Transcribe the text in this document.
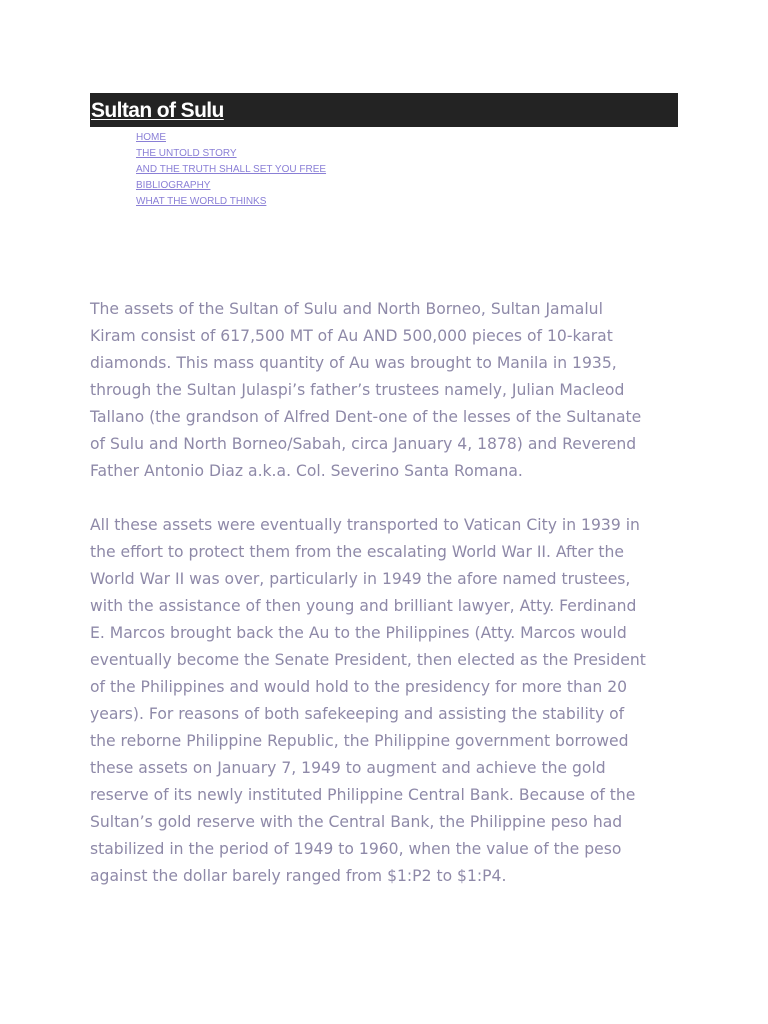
Sultan of Sulu
HOME
THE UNTOLD STORY
AND THE TRUTH SHALL SET YOU FREE
BIBLIOGRAPHY
WHAT THE WORLD THINKS

The assets of the Sultan of Sulu and North Borneo, Sultan Jamalul
Kiram consist of 617,500 MT of Au AND 500,000 pieces of 10-karat
diamonds. This mass quantity of Au was brought to Manila in 1935,
through the Sultan Julaspi’s father’s trustees namely, Julian Macleod
Tallano (the grandson of Alfred Dent-one of the lesses of the Sultanate
of Sulu and North Borneo/Sabah, circa January 4, 1878) and Reverend
Father Antonio Diaz a.k.a. Col. Severino Santa Romana.

All these assets were eventually transported to Vatican City in 1939 in
the effort to protect them from the escalating World War II. After the
World War II was over, particularly in 1949 the afore named trustees,
with the assistance of then young and brilliant lawyer, Atty. Ferdinand
E. Marcos brought back the Au to the Philippines (Atty. Marcos would
eventually become the Senate President, then elected as the President
of the Philippines and would hold to the presidency for more than 20
years). For reasons of both safekeeping and assisting the stability of
the reborne Philippine Republic, the Philippine government borrowed
these assets on January 7, 1949 to augment and achieve the gold
reserve of its newly instituted Philippine Central Bank. Because of the
Sultan’s gold reserve with the Central Bank, the Philippine peso had
stabilized in the period of 1949 to 1960, when the value of the peso
against the dollar barely ranged from $1:P2 to $1:P4.
